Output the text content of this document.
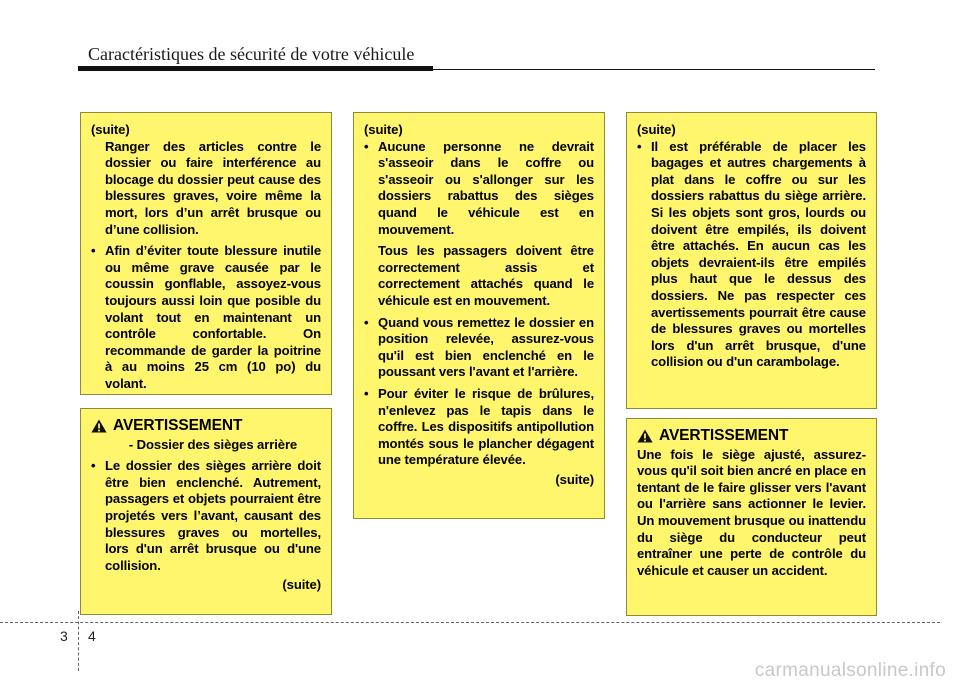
Caractéristiques de sécurité de votre véhicule

(suite)

Ranger des articles contre le dossier ou faire interférence au blocage du dossier peut cause des blessures graves, voire même la mort, lors d’un arrêt brusque ou d’une collision.

• Afin d’éviter toute blessure inutile ou même grave causée par le coussin gonflable, assoyez-vous toujours aussi loin que posible du volant tout en maintenant un contrôle confortable. On recommande de garder la poitrine à au moins 25 cm (10 po) du volant.

AVERTISSEMENT

- Dossier des sièges arrière

• Le dossier des sièges arrière doit être bien enclenché. Autrement, passagers et objets pourraient être projetés vers l’avant, causant des blessures graves ou mortelles, lors d'un arrêt brusque ou d'une collision.

(suite)

(suite)

• Aucune personne ne devrait s'asseoir dans le coffre ou s'asseoir ou s'allonger sur les dossiers rabattus des sièges quand le véhicule est en mouvement.

Tous les passagers doivent être correctement assis et correctement attachés quand le véhicule est en mouvement.

• Quand vous remettez le dossier en position relevée, assurez-vous qu'il est bien enclenché en le poussant vers l'avant et l'arrière.

• Pour éviter le risque de brûlures, n'enlevez pas le tapis dans le coffre. Les dispositifs antipollution montés sous le plancher dégagent une température élevée.

(suite)

(suite)

• Il est préférable de placer les bagages et autres chargements à plat dans le coffre ou sur les dossiers rabattus du siège arrière. Si les objets sont gros, lourds ou doivent être empilés, ils doivent être attachés. En aucun cas les objets devraient-ils être empilés plus haut que le dessus des dossiers. Ne pas respecter ces avertissements pourrait être cause de blessures graves ou mortelles lors d'un arrêt brusque, d'une collision ou d'un carambolage.

AVERTISSEMENT

Une fois le siège ajusté, assurez-vous qu'il soit bien ancré en place en tentant de le faire glisser vers l'avant ou l'arrière sans actionner le levier. Un mouvement brusque ou inattendu du siège du conducteur peut entraîner une perte de contrôle du véhicule et causer un accident.

3 4
carmanualsonline.info
